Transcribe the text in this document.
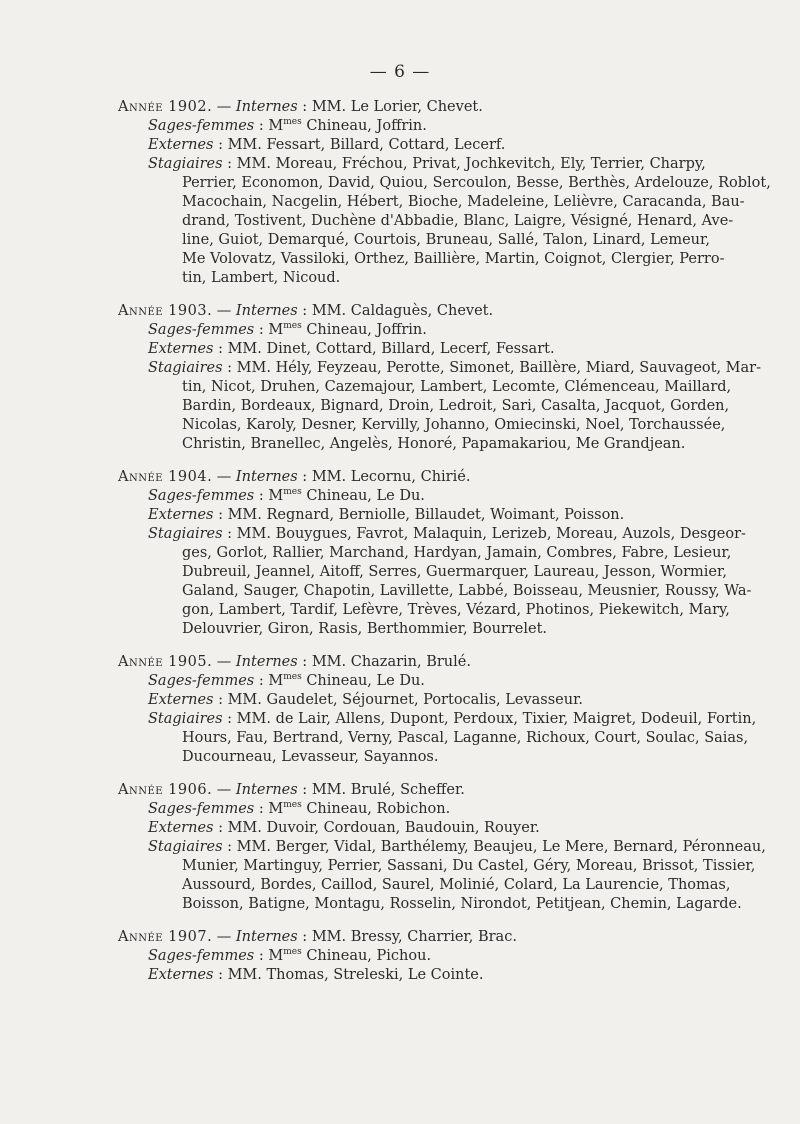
— 6 —
Année 1902. — Internes : MM. Le Lorier, Chevet.
Sages-femmes : $M^{mes}$ Chineau, Joffrin.
Externes : MM. Fessart, Billard, Cottard, Lecerf.
Stagiaires : MM. Moreau, Fréchou, Privat, Jochkevitch, Ely, Terrier, Charpy,
Perrier, Economon, David, Quiou, Sercoulon, Besse, Berthès, Ardelouze, Roblot,
Macochain, Nacgelin, Hébert, Bioche, Madeleine, Lelièvre, Caracanda, Bau-
drand, Tostivent, Duchène d'Abbadie, Blanc, Laigre, Vésigné, Henard, Ave-
line, Guiot, Demarqué, Courtois, Bruneau, Sallé, Talon, Linard, Lemeur,
Me Volovatz, Vassiloki, Orthez, Baillière, Martin, Coignot, Clergier, Perro-
tin, Lambert, Nicoud.
Année 1903. — Internes : MM. Caldaguès, Chevet.
Sages-femmes : $M^{mes}$ Chineau, Joffrin.
Externes : MM. Dinet, Cottard, Billard, Lecerf, Fessart.
Stagiaires : MM. Hély, Feyzeau, Perotte, Simonet, Baillère, Miard, Sauvageot, Mar-
tin, Nicot, Druhen, Cazemajour, Lambert, Lecomte, Clémenceau, Maillard,
Bardin, Bordeaux, Bignard, Droin, Ledroit, Sari, Casalta, Jacquot, Gorden,
Nicolas, Karoly, Desner, Kervilly, Johanno, Omiecinski, Noel, Torchaussée,
Christin, Branellec, Angelès, Honoré, Papamakariou, Me Grandjean.
Année 1904. — Internes : MM. Lecornu, Chirié.
Sages-femmes : $M^{mes}$ Chineau, Le Du.
Externes : MM. Regnard, Berniolle, Billaudet, Woimant, Poisson.
Stagiaires : MM. Bouygues, Favrot, Malaquin, Lerizeb, Moreau, Auzols, Desgeor-
ges, Gorlot, Rallier, Marchand, Hardyan, Jamain, Combres, Fabre, Lesieur,
Dubreuil, Jeannel, Aitoff, Serres, Guermarquer, Laureau, Jesson, Wormier,
Galand, Sauger, Chapotin, Lavillette, Labbé, Boisseau, Meusnier, Roussy, Wa-
gon, Lambert, Tardif, Lefèvre, Trèves, Vézard, Photinos, Piekewitch, Mary,
Delouvrier, Giron, Rasis, Berthommier, Bourrelet.
Année 1905. — Internes : MM. Chazarin, Brulé.
Sages-femmes : $M^{mes}$ Chineau, Le Du.
Externes : MM. Gaudelet, Séjournet, Portocalis, Levasseur.
Stagiaires : MM. de Lair, Allens, Dupont, Perdoux, Tixier, Maigret, Dodeuil, Fortin,
Hours, Fau, Bertrand, Verny, Pascal, Laganne, Richoux, Court, Soulac, Saias,
Ducourneau, Levasseur, Sayannos.
Année 1906. — Internes : MM. Brulé, Scheffer.
Sages-femmes : $M^{mes}$ Chineau, Robichon.
Externes : MM. Duvoir, Cordouan, Baudouin, Rouyer.
Stagiaires : MM. Berger, Vidal, Barthélemy, Beaujeu, Le Mere, Bernard, Péronneau,
Munier, Martinguy, Perrier, Sassani, Du Castel, Géry, Moreau, Brissot, Tissier,
Aussourd, Bordes, Caillod, Saurel, Molinié, Colard, La Laurencie, Thomas,
Boisson, Batigne, Montagu, Rosselin, Nirondot, Petitjean, Chemin, Lagarde.
Année 1907. — Internes : MM. Bressy, Charrier, Brac.
Sages-femmes : $M^{mes}$ Chineau, Pichou.
Externes : MM. Thomas, Streleski, Le Cointe.
